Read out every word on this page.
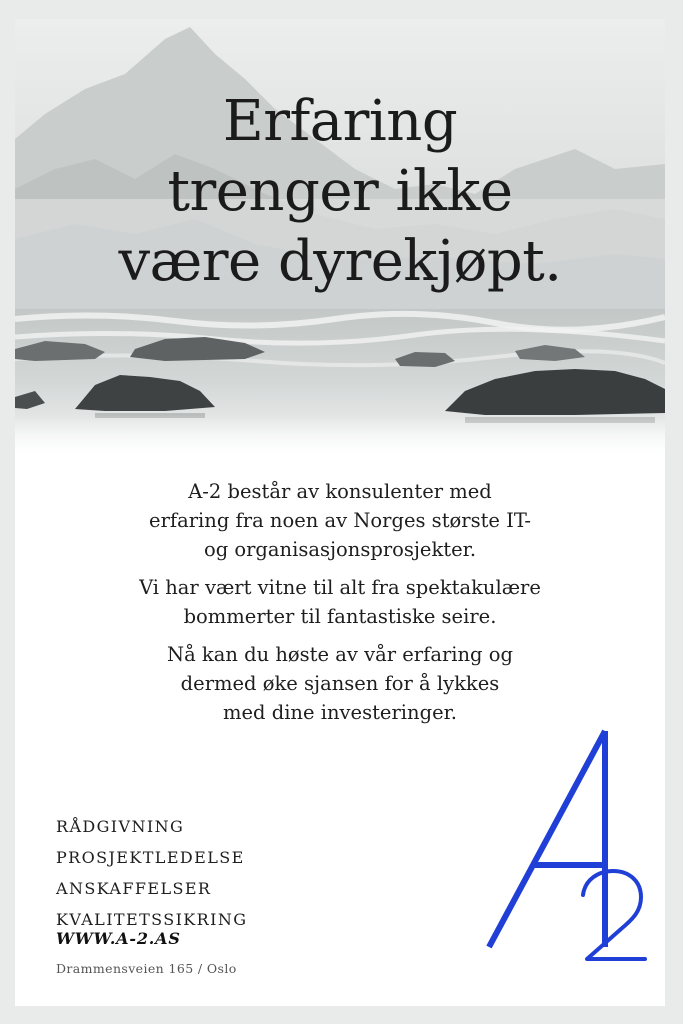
Erfaring
trenger ikke
være dyrekjøpt.

A-2 består av konsulenter med
erfaring fra noen av Norges største IT-
og organisasjonsprosjekter.

Vi har vært vitne til alt fra spektakulære
bommerter til fantastiske seire.

Nå kan du høste av vår erfaring og
dermed øke sjansen for å lykkes
med dine investeringer.

RÅDGIVNING
PROSJEKTLEDELSE
ANSKAFFELSER
KVALITETSSIKRING
WWW.A-2.AS
Drammensveien 165 / Oslo
